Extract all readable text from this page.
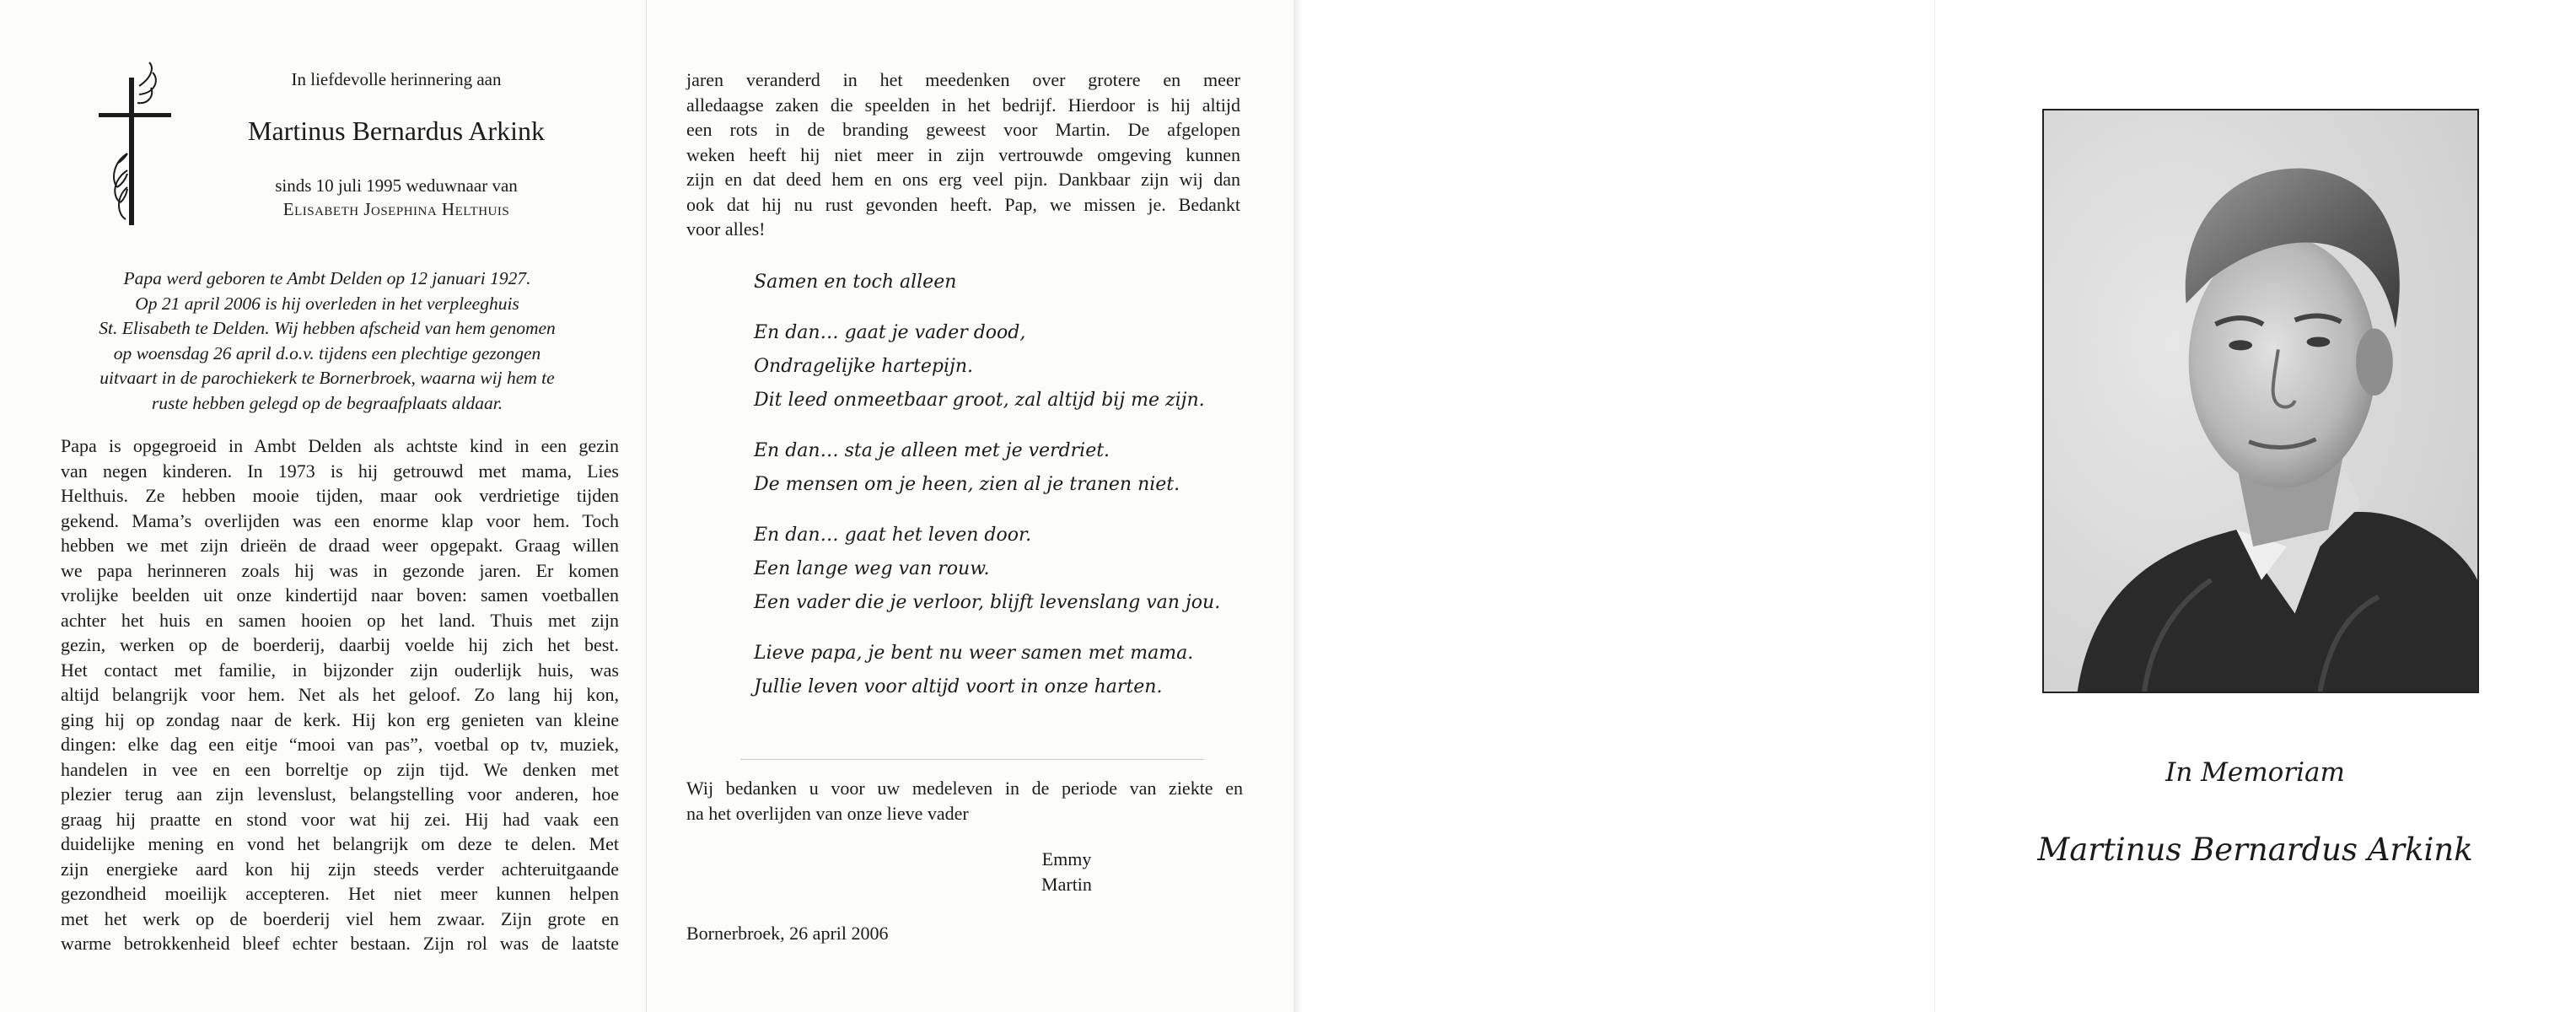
In liefdevolle herinnering aan
Martinus Bernardus Arkink
sinds 10 juli 1995 weduwnaar van
Elisabeth Josephina Helthuis
Papa werd geboren te Ambt Delden op 12 januari 1927.
Op 21 april 2006 is hij overleden in het verpleeghuis
St. Elisabeth te Delden. Wij hebben afscheid van hem genomen
op woensdag 26 april d.o.v. tijdens een plechtige gezongen
uitvaart in de parochiekerk te Bornerbroek, waarna wij hem te
ruste hebben gelegd op de begraafplaats aldaar.
Papa is opgegroeid in Ambt Delden als achtste kind in een gezin
van negen kinderen. In 1973 is hij getrouwd met mama, Lies
Helthuis. Ze hebben mooie tijden, maar ook verdrietige tijden
gekend. Mama’s overlijden was een enorme klap voor hem. Toch
hebben we met zijn drieën de draad weer opgepakt. Graag willen
we papa herinneren zoals hij was in gezonde jaren. Er komen
vrolijke beelden uit onze kindertijd naar boven: samen voetballen
achter het huis en samen hooien op het land. Thuis met zijn
gezin, werken op de boerderij, daarbij voelde hij zich het best.
Het contact met familie, in bijzonder zijn ouderlijk huis, was
altijd belangrijk voor hem. Net als het geloof. Zo lang hij kon,
ging hij op zondag naar de kerk. Hij kon erg genieten van kleine
dingen: elke dag een eitje “mooi van pas”, voetbal op tv, muziek,
handelen in vee en een borreltje op zijn tijd. We denken met
plezier terug aan zijn levenslust, belangstelling voor anderen, hoe
graag hij praatte en stond voor wat hij zei. Hij had vaak een
duidelijke mening en vond het belangrijk om deze te delen. Met
zijn energieke aard kon hij zijn steeds verder achteruitgaande
gezondheid moeilijk accepteren. Het niet meer kunnen helpen
met het werk op de boerderij viel hem zwaar. Zijn grote en
warme betrokkenheid bleef echter bestaan. Zijn rol was de laatste
jaren veranderd in het meedenken over grotere en meer
alledaagse zaken die speelden in het bedrijf. Hierdoor is hij altijd
een rots in de branding geweest voor Martin. De afgelopen
weken heeft hij niet meer in zijn vertrouwde omgeving kunnen
zijn en dat deed hem en ons erg veel pijn. Dankbaar zijn wij dan
ook dat hij nu rust gevonden heeft. Pap, we missen je. Bedankt
voor alles!
Samen en toch alleen
En dan… gaat je vader dood,
Ondragelijke hartepijn.
Dit leed onmeetbaar groot, zal altijd bij me zijn.
En dan… sta je alleen met je verdriet.
De mensen om je heen, zien al je tranen niet.
En dan… gaat het leven door.
Een lange weg van rouw.
Een vader die je verloor, blijft levenslang van jou.
Lieve papa, je bent nu weer samen met mama.
Jullie leven voor altijd voort in onze harten.
Wij bedanken u voor uw medeleven in de periode van ziekte en
na het overlijden van onze lieve vader
Emmy
Martin
Bornerbroek, 26 april 2006
In Memoriam
Martinus Bernardus Arkink
